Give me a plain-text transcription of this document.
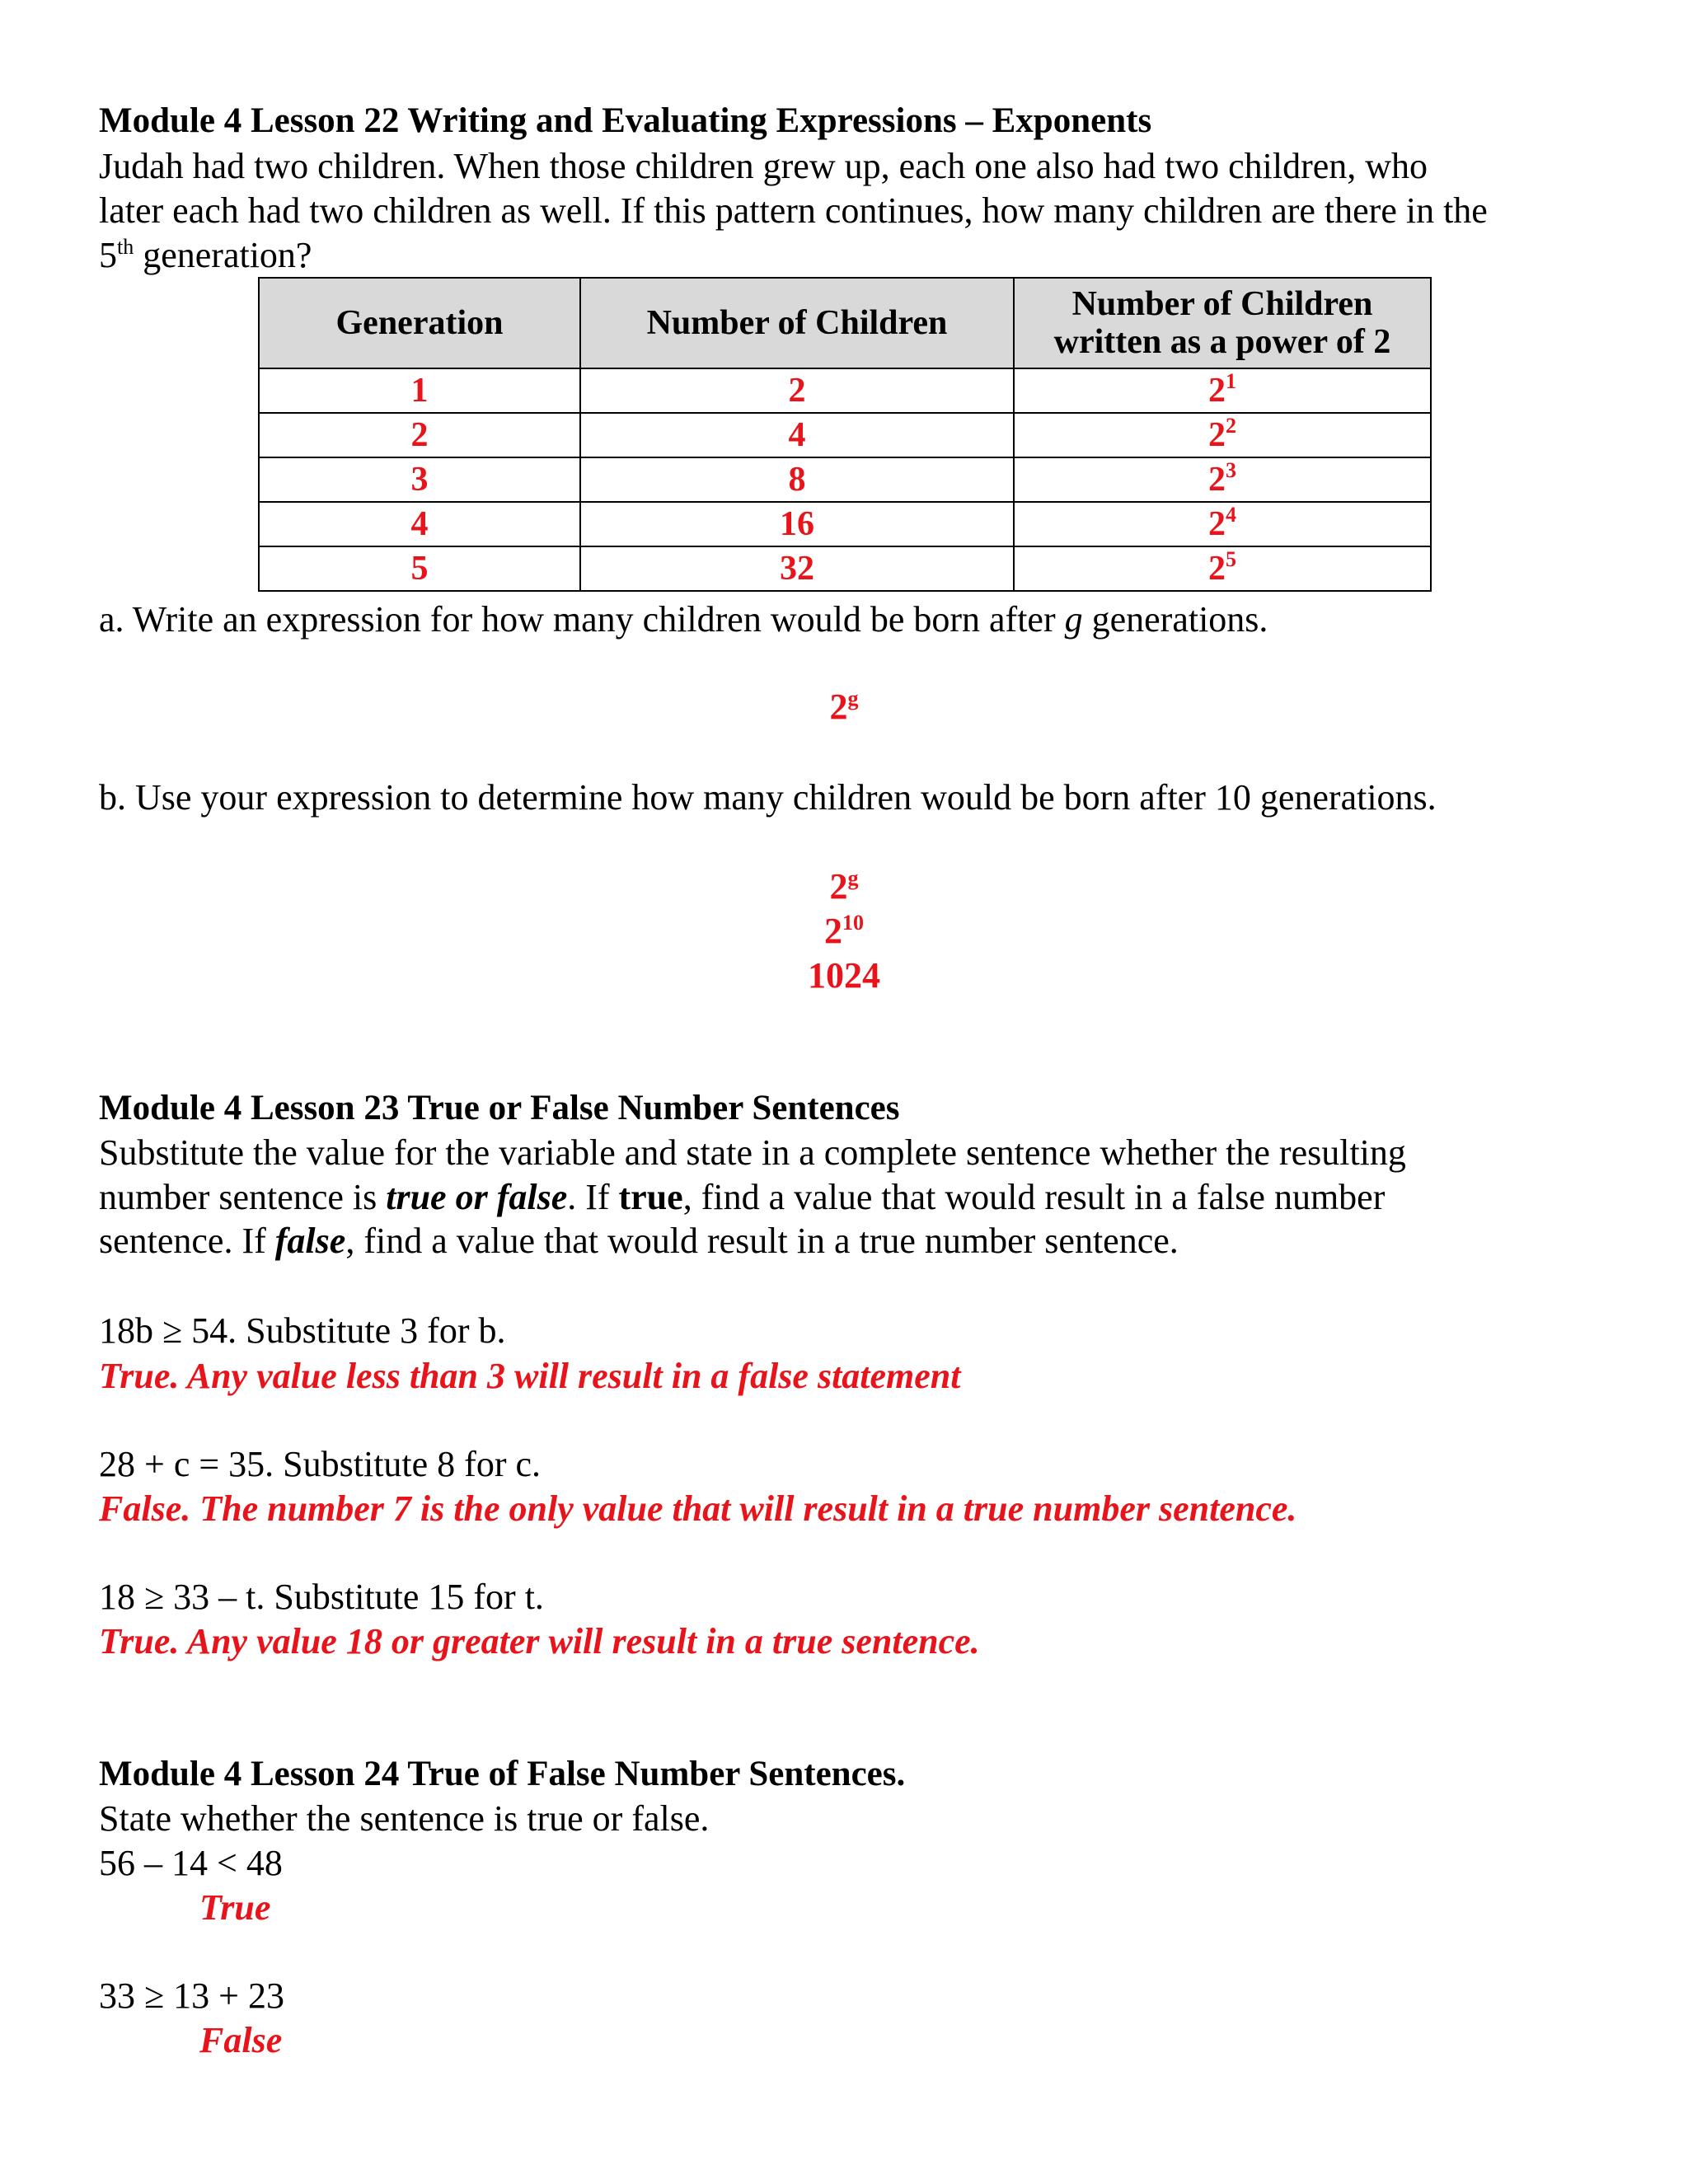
Module 4 Lesson 22 Writing and Evaluating Expressions – Exponents
Judah had two children. When those children grew up, each one also had two children, who
later each had two children as well. If this pattern continues, how many children are there in the
5th generation?
Generation	Number of Children	Number of Children
written as a power of 2
1	2	$2^1$
2	4	$2^2$
3	8	$2^3$
4	16	$2^4$
5	32	$2^5$
a. Write an expression for how many children would be born after g generations.
2$^g$
b. Use your expression to determine how many children would be born after 10 generations.
2$^g$
$2^{10}$
1024
Module 4 Lesson 23 True or False Number Sentences
Substitute the value for the variable and state in a complete sentence whether the resulting
number sentence is true or false. If true, find a value that would result in a false number
sentence. If false, find a value that would result in a true number sentence.
18b ≥ 54. Substitute 3 for b.
True. Any value less than 3 will result in a false statement
28 + c = 35. Substitute 8 for c.
False. The number 7 is the only value that will result in a true number sentence.
18 ≥ 33 – t. Substitute 15 for t.
True. Any value 18 or greater will result in a true sentence.
Module 4 Lesson 24 True of False Number Sentences.
State whether the sentence is true or false.
56 – 14 < 48
True
33 ≥ 13 + 23
False
